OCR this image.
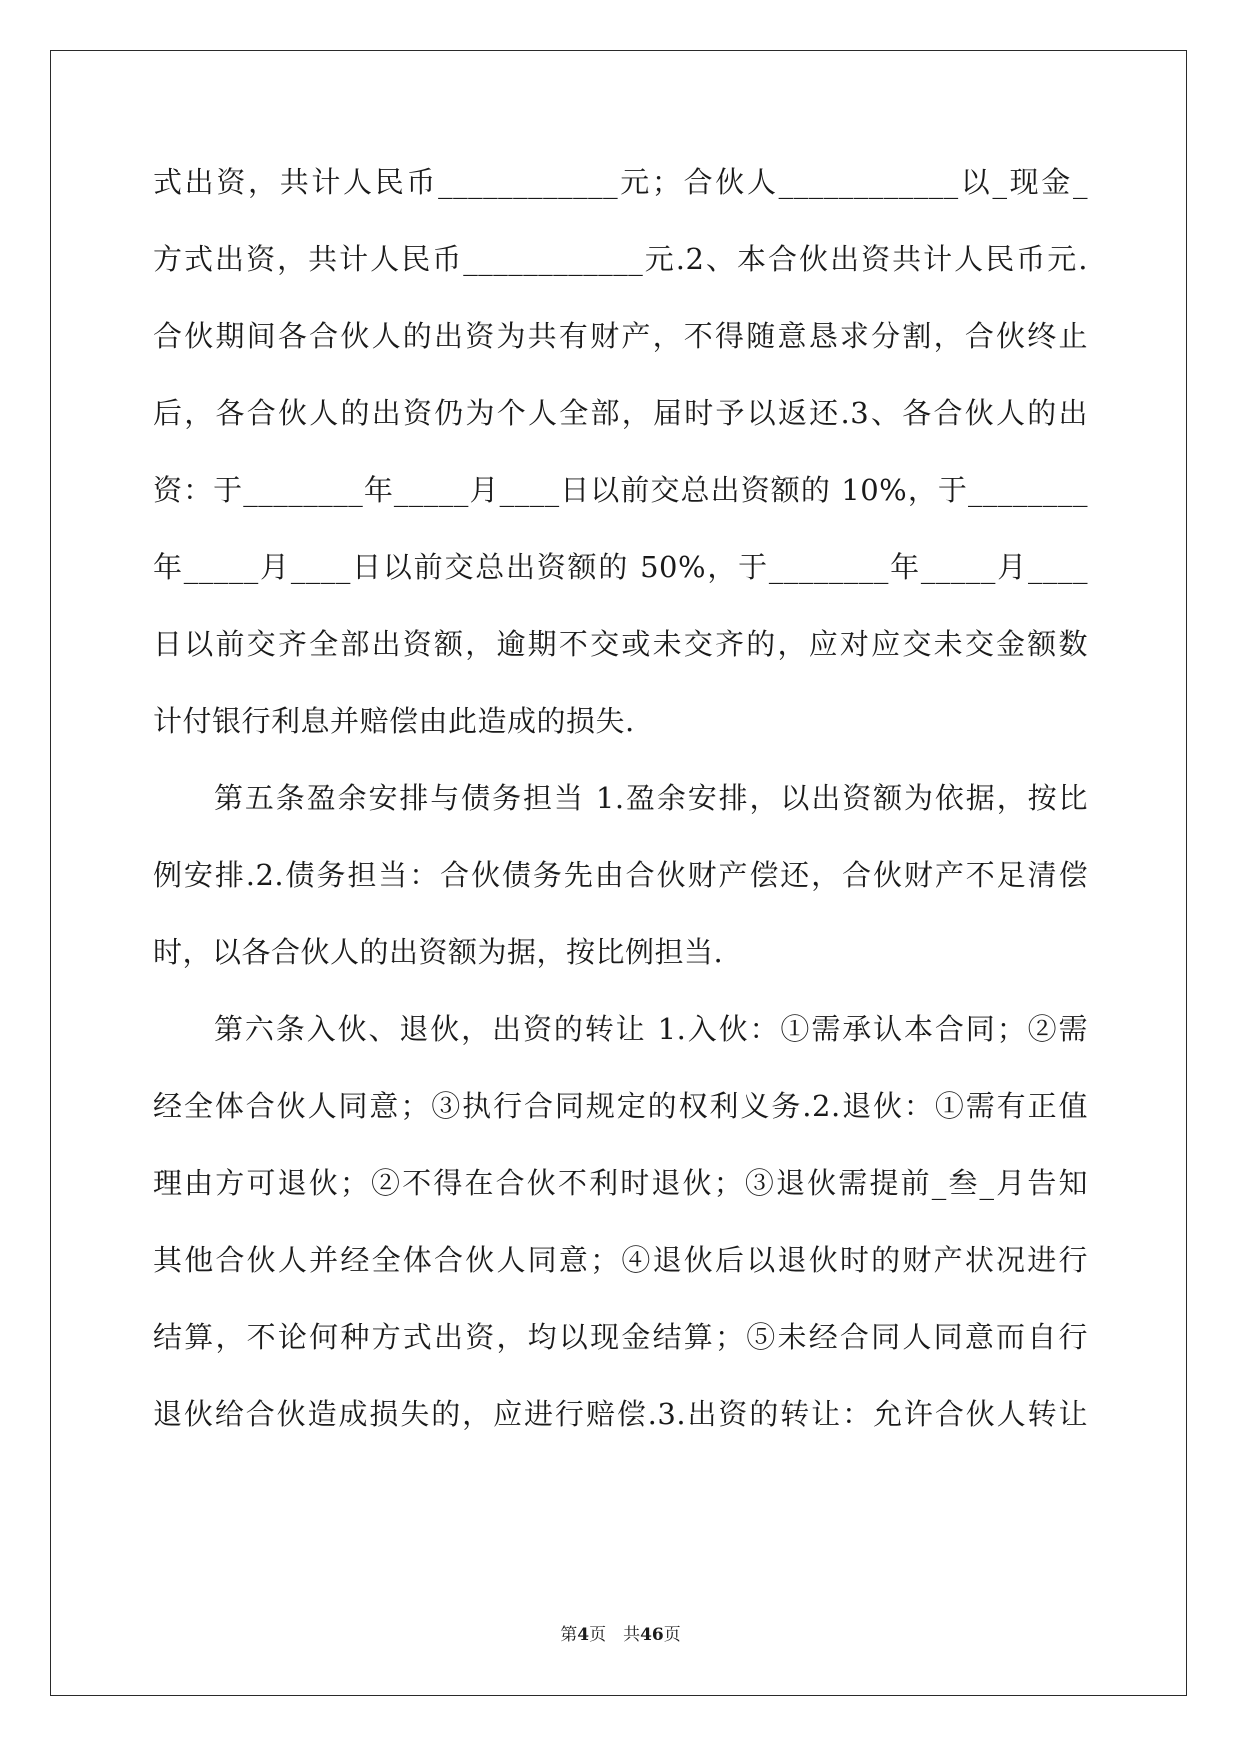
式出资，共计人民币____________元；合伙人____________以_现金_
方式出资，共计人民币____________元.2、本合伙出资共计人民币元.
合伙期间各合伙人的出资为共有财产，不得随意恳求分割，合伙终止
后，各合伙人的出资仍为个人全部，届时予以返还.3、各合伙人的出
资：于________年_____月____日以前交总出资额的 10%，于________
年_____月____日以前交总出资额的 50%，于________年_____月____
日以前交齐全部出资额，逾期不交或未交齐的，应对应交未交金额数
计付银行利息并赔偿由此造成的损失.
第五条盈余安排与债务担当 1.盈余安排，以出资额为依据，按比
例安排.2.债务担当：合伙债务先由合伙财产偿还，合伙财产不足清偿
时，以各合伙人的出资额为据，按比例担当.
第六条入伙、退伙，出资的转让 1.入伙：①需承认本合同；②需
经全体合伙人同意；③执行合同规定的权利义务.2.退伙：①需有正值
理由方可退伙；②不得在合伙不利时退伙；③退伙需提前_叁_月告知
其他合伙人并经全体合伙人同意；④退伙后以退伙时的财产状况进行
结算，不论何种方式出资，均以现金结算；⑤未经合同人同意而自行
退伙给合伙造成损失的，应进行赔偿.3.出资的转让：允许合伙人转让
第4页　共46页
